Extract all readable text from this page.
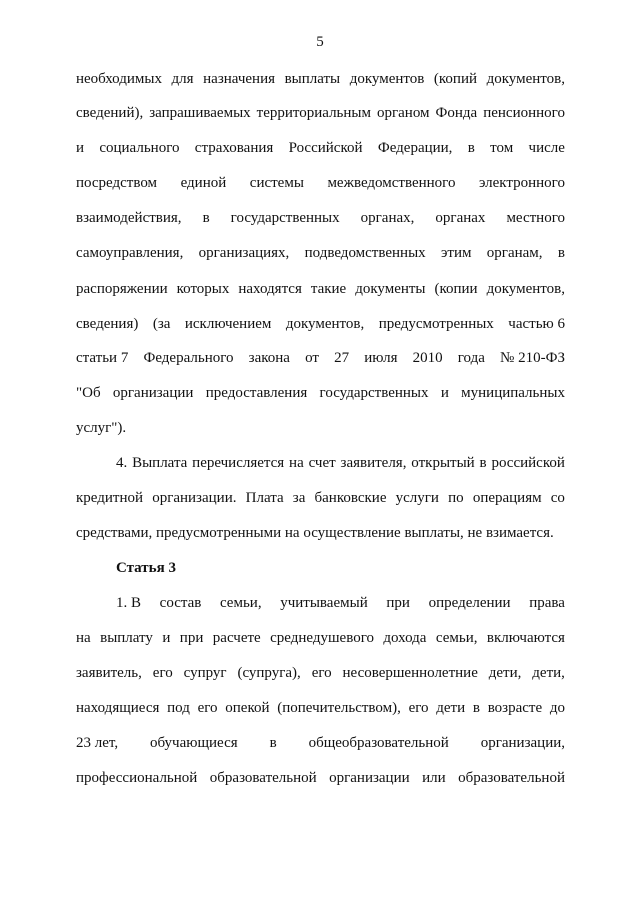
5
необходимых для назначения выплаты документов (копий документов,
сведений), запрашиваемых территориальным органом Фонда пенсионного
и социального страхования Российской Федерации, в том числе
посредством единой системы межведомственного электронного
взаимодействия, в государственных органах, органах местного
самоуправления, организациях, подведомственных этим органам, в
распоряжении которых находятся такие документы (копии документов,
сведения) (за исключением документов, предусмотренных частью 6
статьи 7 Федерального закона от 27 июля 2010 года № 210-ФЗ
"Об организации предоставления государственных и муниципальных
услуг").
4. Выплата перечисляется на счет заявителя, открытый в российской
кредитной организации. Плата за банковские услуги по операциям со
средствами, предусмотренными на осуществление выплаты, не взимается.
Статья 3
1. В состав семьи, учитываемый при определении права
на выплату и при расчете среднедушевого дохода семьи, включаются
заявитель, его супруг (супруга), его несовершеннолетние дети, дети,
находящиеся под его опекой (попечительством), его дети в возрасте до
23 лет, обучающиеся в общеобразовательной организации,
профессиональной образовательной организации или образовательной
